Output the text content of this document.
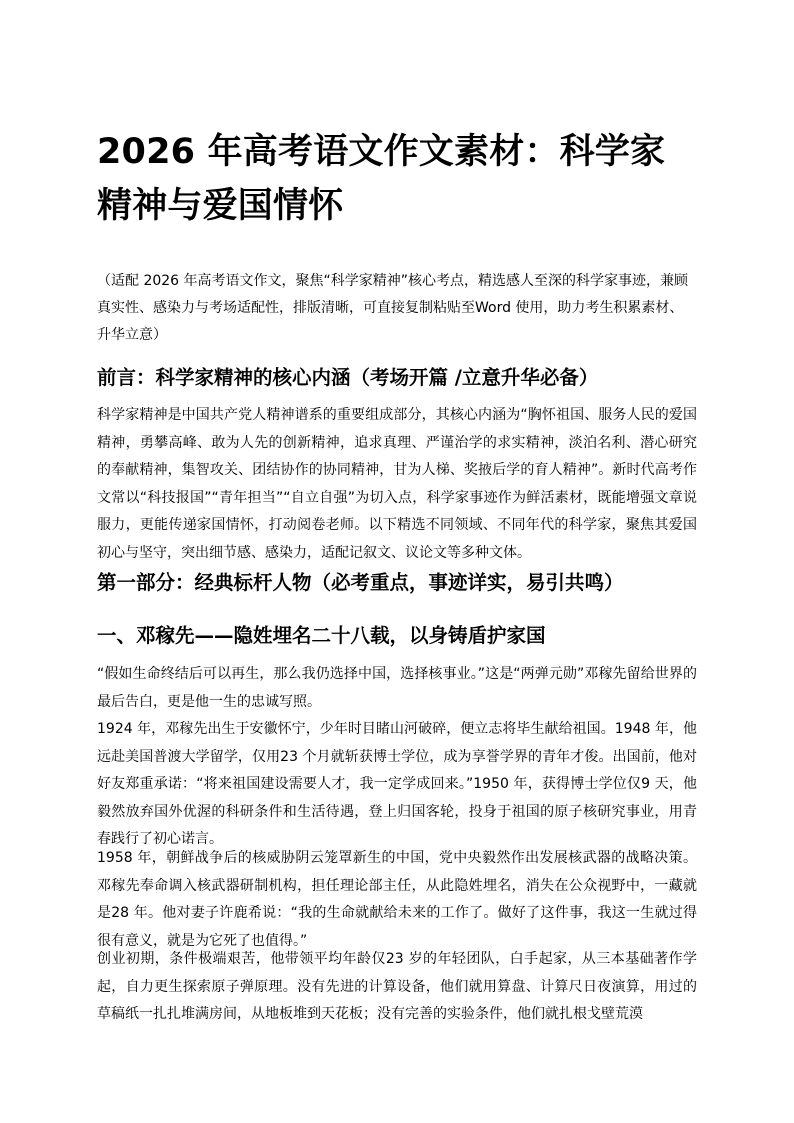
2026 年高考语文作文素材：科学家精神与爱国情怀

（适配 2026 年高考语文作文，聚焦“科学家精神”核心考点，精选感人至深的科学家事迹，兼顾真实性、感染力与考场适配性，排版清晰，可直接复制粘贴至Word 使用，助力考生积累素材、升华立意）

前言：科学家精神的核心内涵（考场开篇 /立意升华必备）

科学家精神是中国共产党人精神谱系的重要组成部分，其核心内涵为“胸怀祖国、服务人民的爱国精神，勇攀高峰、敢为人先的创新精神，追求真理、严谨治学的求实精神，淡泊名利、潜心研究的奉献精神，集智攻关、团结协作的协同精神，甘为人梯、奖掖后学的育人精神”。新时代高考作文常以“科技报国”“青年担当”“自立自强”为切入点，科学家事迹作为鲜活素材，既能增强文章说服力，更能传递家国情怀，打动阅卷老师。以下精选不同领域、不同年代的科学家，聚焦其爱国初心与坚守，突出细节感、感染力，适配记叙文、议论文等多种文体。

第一部分：经典标杆人物（必考重点，事迹详实，易引共鸣）
一、邓稼先——隐姓埋名二十八载，以身铸盾护家国

“假如生命终结后可以再生，那么我仍选择中国，选择核事业。”这是“两弹元勋”邓稼先留给世界的最后告白，更是他一生的忠诚写照。

1924 年，邓稼先出生于安徽怀宁，少年时目睹山河破碎，便立志将毕生献给祖国。1948 年，他远赴美国普渡大学留学，仅用23 个月就斩获博士学位，成为享誉学界的青年才俊。出国前，他对好友郑重承诺：“将来祖国建设需要人才，我一定学成回来。”1950 年，获得博士学位仅9 天，他毅然放弃国外优渥的科研条件和生活待遇，登上归国客轮，投身于祖国的原子核研究事业，用青春践行了初心诺言。

1958 年，朝鲜战争后的核威胁阴云笼罩新生的中国，党中央毅然作出发展核武器的战略决策。邓稼先奉命调入核武器研制机构，担任理论部主任，从此隐姓埋名，消失在公众视野中，一藏就是28 年。他对妻子许鹿希说：“我的生命就献给未来的工作了。做好了这件事，我这一生就过得很有意义，就是为它死了也值得。”

创业初期，条件极端艰苦，他带领平均年龄仅23 岁的年轻团队，白手起家，从三本基础著作学起，自力更生探索原子弹原理。没有先进的计算设备，他们就用算盘、计算尺日夜演算，用过的草稿纸一扎扎堆满房间，从地板堆到天花板；没有完善的实验条件，他们就扎根戈壁荒漠
